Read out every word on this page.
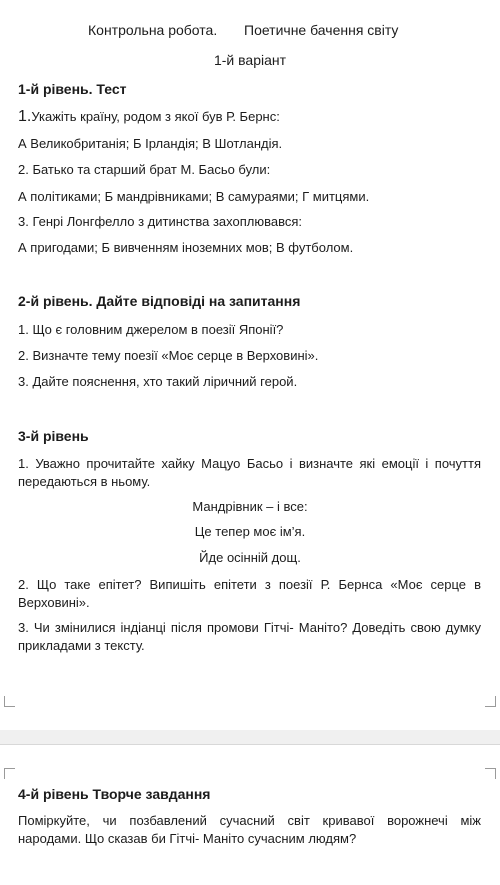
Контрольна робота. Поетичне бачення світу
1-й варіант
1-й рівень. Тест
1.Укажіть країну, родом з якої був Р. Бернс:
А Великобританія; Б Ірландія; В Шотландія.
2. Батько та старший брат М. Басьо були:
А політиками; Б мандрівниками; В самураями; Г митцями.
3. Генрі Лонгфелло з дитинства захоплювався:
А пригодами; Б вивченням іноземних мов; В футболом.
2-й рівень. Дайте відповіді на запитання
1. Що є головним джерелом в поезії Японії?
2. Визначте тему поезії «Моє серце в Верховині».
3. Дайте пояснення, хто такий ліричний герой.
3-й рівень
1. Уважно прочитайте хайку Мацуо Басьо і визначте які емоції і почуття передаються в ньому.
Мандрівник – і все:
Це тепер моє ім’я.
Йде осінній дощ.
2. Що таке епітет? Випишіть епітети з поезії Р. Бернса «Моє серце в Верховині».
3. Чи змінилися індіанці після промови Гітчі- Маніто? Доведіть свою думку прикладами з тексту.
4-й рівень Творче завдання
Поміркуйте, чи позбавлений сучасний світ кривавої ворожнечі між народами. Що сказав би Гітчі- Маніто сучасним людям?
